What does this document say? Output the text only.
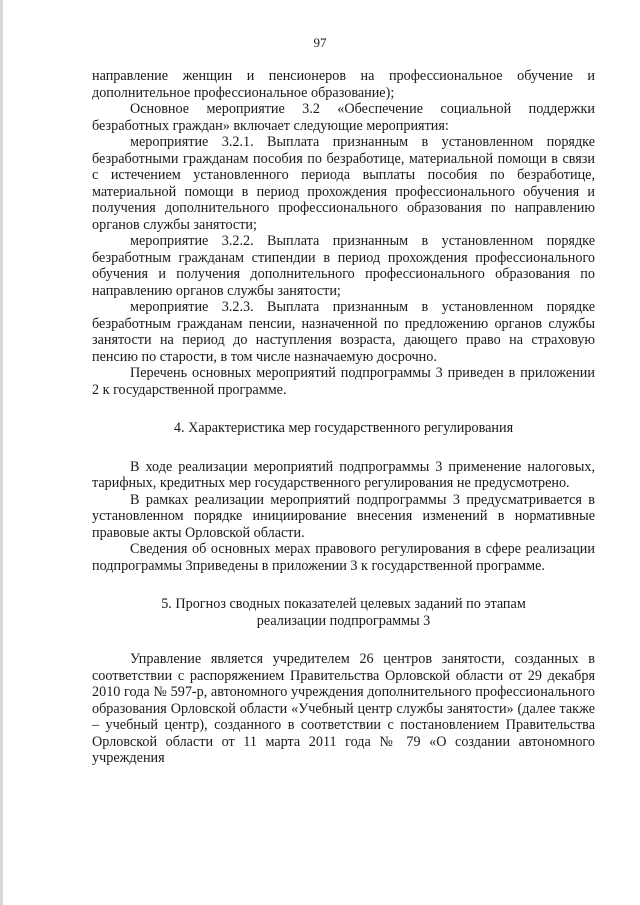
97

направление женщин и пенсионеров на профессиональное обучение и дополнительное профессиональное образование);

Основное мероприятие 3.2 «Обеспечение социальной поддержки безработных граждан» включает следующие мероприятия:

мероприятие 3.2.1. Выплата признанным в установленном порядке безработными гражданам пособия по безработице, материальной помощи в связи с истечением установленного периода выплаты пособия по безработице, материальной помощи в период прохождения профессионального обучения и получения дополнительного профессионального образования по направлению органов службы занятости;

мероприятие 3.2.2. Выплата признанным в установленном порядке безработным гражданам стипендии в период прохождения профессионального обучения и получения дополнительного профессионального образования по направлению органов службы занятости;

мероприятие 3.2.3. Выплата признанным в установленном порядке безработным гражданам пенсии, назначенной по предложению органов службы занятости на период до наступления возраста, дающего право на страховую пенсию по старости, в том числе назначаемую досрочно.

Перечень основных мероприятий подпрограммы 3 приведен в приложении 2 к государственной программе.

4. Характеристика мер государственного регулирования

В ходе реализации мероприятий подпрограммы 3 применение налоговых, тарифных, кредитных мер государственного регулирования не предусмотрено.

В рамках реализации мероприятий подпрограммы 3 предусматривается в установленном порядке инициирование внесения изменений в нормативные правовые акты Орловской области.

Сведения об основных мерах правового регулирования в сфере реализации подпрограммы 3приведены в приложении 3 к государственной программе.

5. Прогноз сводных показателей целевых заданий по этапам

реализации подпрограммы 3

Управление является учредителем 26 центров занятости, созданных в соответствии с распоряжением Правительства Орловской области от 29 декабря 2010 года № 597-р, автономного учреждения дополнительного профессионального образования Орловской области «Учебный центр службы занятости» (далее также – учебный центр), созданного в соответствии с постановлением Правительства Орловской области от 11 марта 2011 года № 79 «О создании автономного учреждения
